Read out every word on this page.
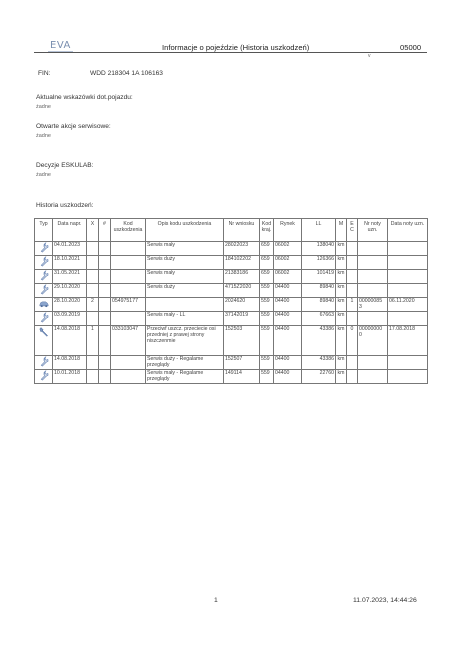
EVA	Informacje o pojeździe (Historia uszkodzeń)	05000
v
FIN:	WDD 218304 1A 106163
Aktualne wskazówki dot.pojazdu:
żadne
Otwarte akcje serwisowe:
żadne
Decyzje ESKULAB:
żadne
Historia uszkodzeń:
Typ	Data napr.	X	#	Kod uszkodzenia	Opis kodu uszkodzenia	Nr wniosku	Kod kraj.	Rynek	LL	M	E C	Nr noty uzn.	Data noty uzn.
	04.01.2023				Serwis mały	28022023	659	06002	138040	km			
	18.10.2021				Serwis duży	184102202	659	06002	126366	km			
	31.05.2021				Serwis mały	21383186	659	06002	101419	km			
	29.10.2020				Serwis duży	4715Z2020	559	04400	89840	km			
	28.10.2020	2		054975177		2024620	559	04400	89840	km	1	00000085 3	06.11.2020
	03.09.2019				Serwis mały - LL	37142019	559	04400	67663	km			
	14.08.2018	1		033103047	Przeciwf uszcz. przeciecie osi przedniej z prawej strony niszczenmie	152503	559	04400	43386	km	0	00000000 0	17.08.2018
	14.08.2018				Serwis duży - Regalame przeglądy	152507	559	04400	43386	km			
	10.01.2018				Serwis mały - Regalame przeglądy	149114	559	04400	22760	km			
1	11.07.2023, 14:44:26
